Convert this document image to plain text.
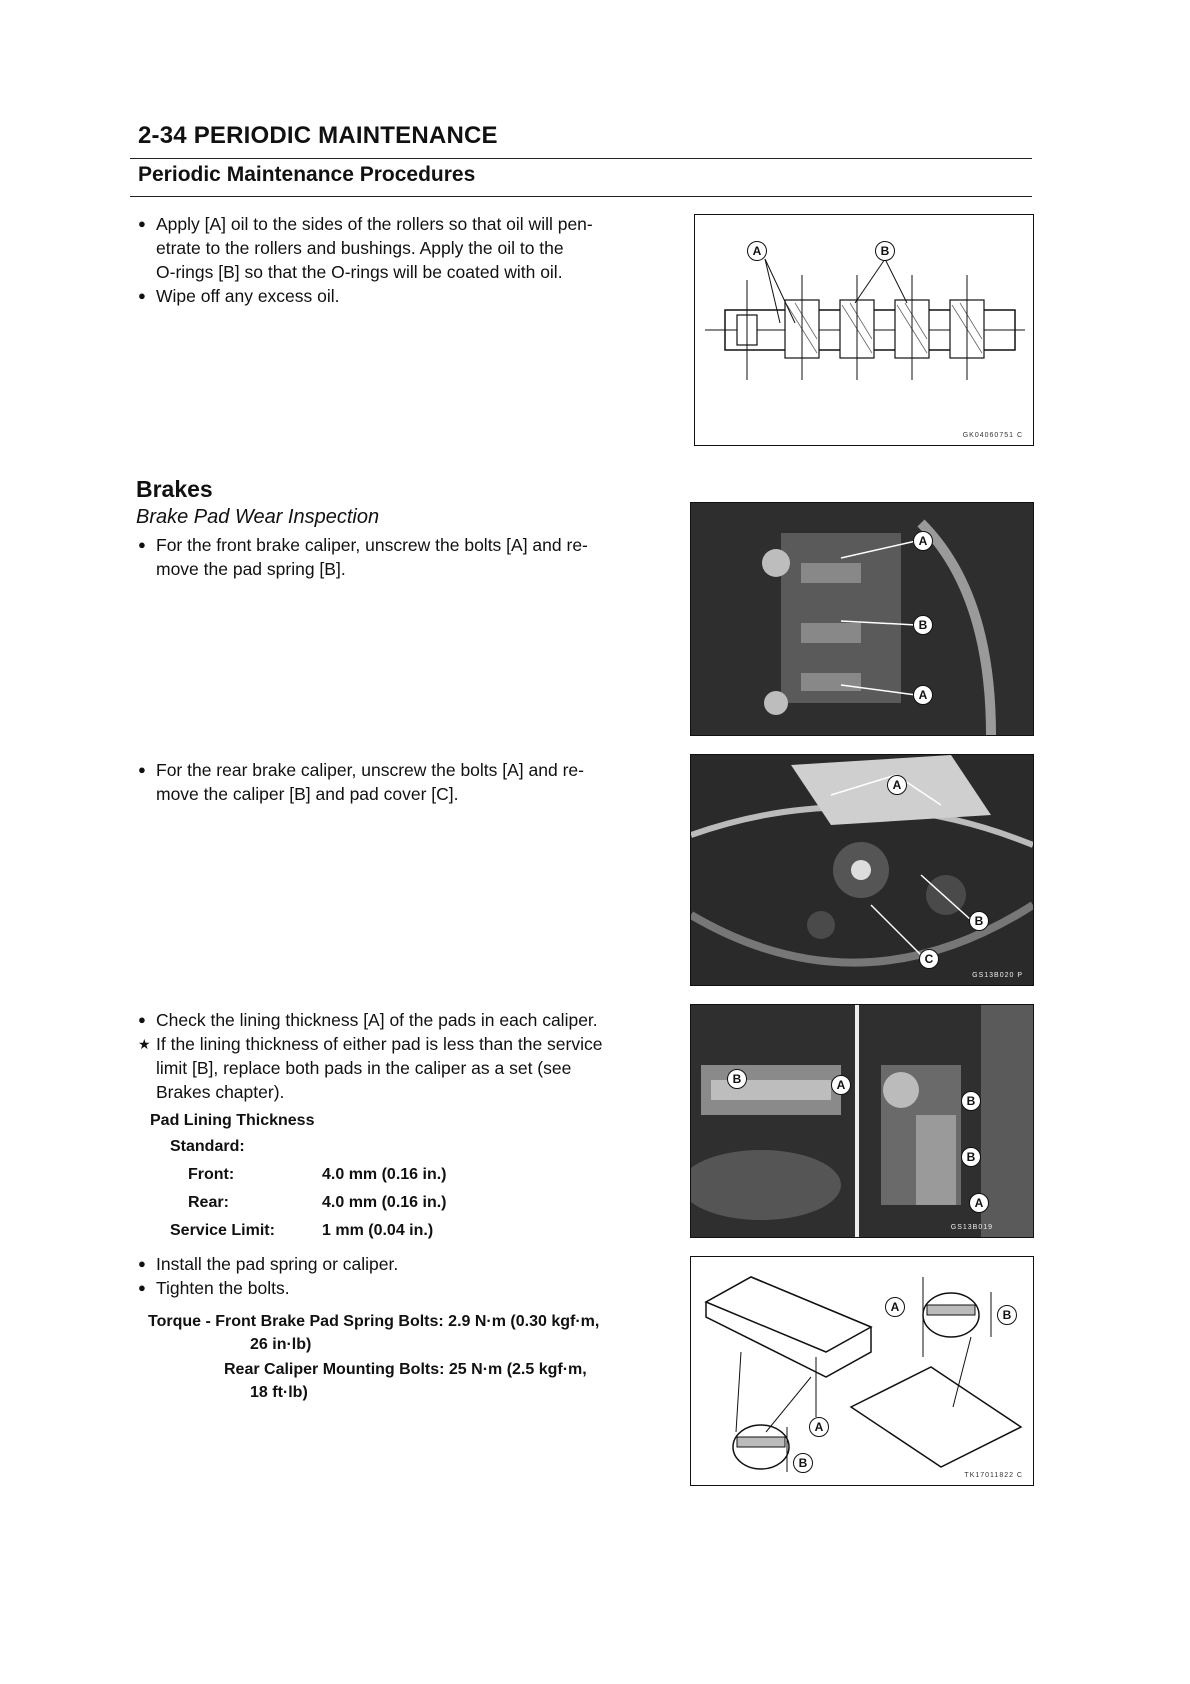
2-34 PERIODIC MAINTENANCE
Periodic Maintenance Procedures
● Apply [A] oil to the sides of the rollers so that oil will pen-
etrate to the rollers and bushings. Apply the oil to the
O-rings [B] so that the O-rings will be coated with oil.
● Wipe off any excess oil.
A	B
GK04060751 C
Brakes
Brake Pad Wear Inspection
● For the front brake caliper, unscrew the bolts [A] and re-
move the pad spring [B].
A
B
A
● For the rear brake caliper, unscrew the bolts [A] and re-
move the caliper [B] and pad cover [C].	A
B
C
GS13B020 P
● Check the lining thickness [A] of the pads in each caliper.
★ If the lining thickness of either pad is less than the service
limit [B], replace both pads in the caliper as a set (see
Brakes chapter).
Pad Lining Thickness
Standard:
Front:	4.0 mm (0.16 in.)
Rear:	4.0 mm (0.16 in.)
Service Limit:	1 mm (0.04 in.)
B	A
B
B
A
GS13B019
● Install the pad spring or caliper.
● Tighten the bolts.
Torque - Front Brake Pad Spring Bolts: 2.9 N·m (0.30 kgf·m,
26 in·lb)
Rear Caliper Mounting Bolts: 25 N·m (2.5 kgf·m,
18 ft·lb)
A
B
A
B
TK17011822 C
